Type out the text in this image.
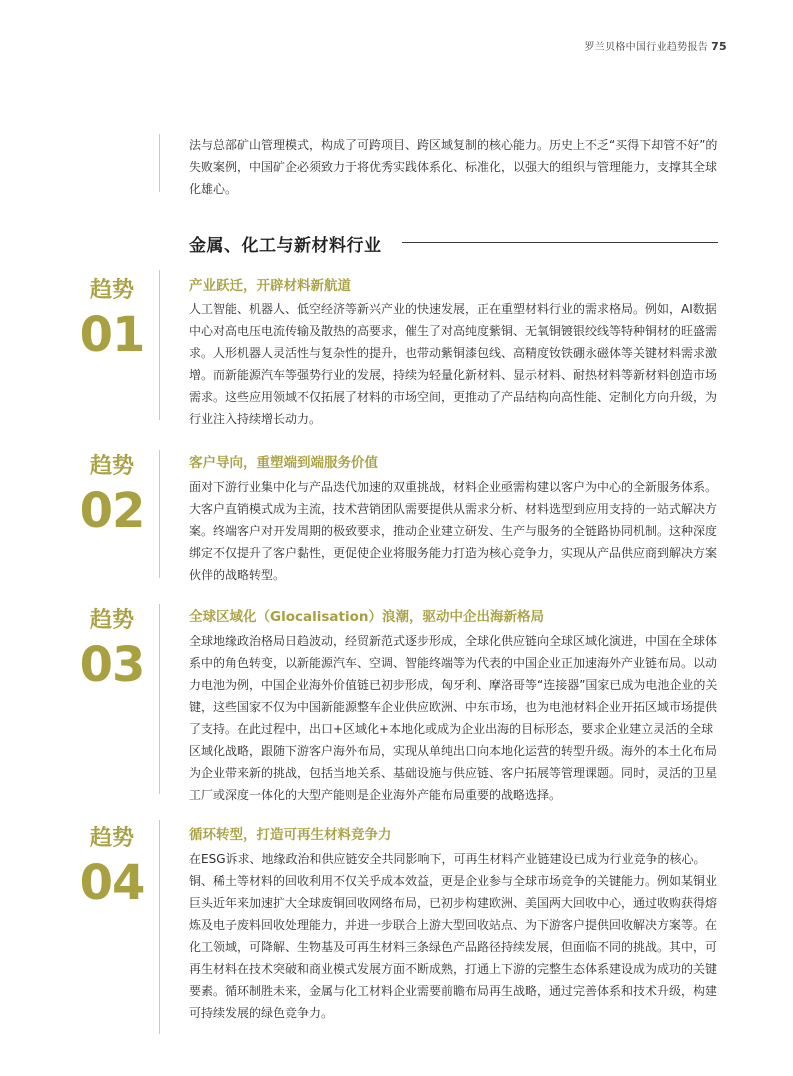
罗兰贝格中国行业趋势报告 75
法与总部矿山管理模式，构成了可跨项目、跨区域复制的核心能力。历史上不乏“买得下却管不好”的失败案例，中国矿企必须致力于将优秀实践体系化、标准化，以强大的组织与管理能力，支撑其全球化雄心。
金属、化工与新材料行业
趋势
01
产业跃迁，开辟材料新航道
人工智能、机器人、低空经济等新兴产业的快速发展，正在重塑材料行业的需求格局。例如，AI数据中心对高电压电流传输及散热的高要求，催生了对高纯度紫铜、无氧铜镀银绞线等特种铜材的旺盛需求。人形机器人灵活性与复杂性的提升，也带动紫铜漆包线、高精度钕铁硼永磁体等关键材料需求激增。而新能源汽车等强势行业的发展，持续为轻量化新材料、显示材料、耐热材料等新材料创造市场需求。这些应用领域不仅拓展了材料的市场空间，更推动了产品结构向高性能、定制化方向升级，为行业注入持续增长动力。
趋势
02
客户导向，重塑端到端服务价值
面对下游行业集中化与产品迭代加速的双重挑战，材料企业亟需构建以客户为中心的全新服务体系。大客户直销模式成为主流，技术营销团队需要提供从需求分析、材料选型到应用支持的一站式解决方案。终端客户对开发周期的极致要求，推动企业建立研发、生产与服务的全链路协同机制。这种深度绑定不仅提升了客户黏性，更促使企业将服务能力打造为核心竞争力，实现从产品供应商到解决方案伙伴的战略转型。
趋势
03
全球区域化（Glocalisation）浪潮，驱动中企出海新格局
全球地缘政治格局日趋波动，经贸新范式逐步形成，全球化供应链向全球区域化演进，中国在全球体系中的角色转变，以新能源汽车、空调、智能终端等为代表的中国企业正加速海外产业链布局。以动力电池为例，中国企业海外价值链已初步形成，匈牙利、摩洛哥等“连接器”国家已成为电池企业的关键，这些国家不仅为中国新能源整车企业供应欧洲、中东市场，也为电池材料企业开拓区域市场提供了支持。在此过程中，出口+区域化+本地化或成为企业出海的目标形态，要求企业建立灵活的全球区域化战略，跟随下游客户海外布局，实现从单纯出口向本地化运营的转型升级。海外的本土化布局为企业带来新的挑战，包括当地关系、基础设施与供应链、客户拓展等管理课题。同时，灵活的卫星工厂或深度一体化的大型产能则是企业海外产能布局重要的战略选择。
趋势
04
循环转型，打造可再生材料竞争力
在ESG诉求、地缘政治和供应链安全共同影响下，可再生材料产业链建设已成为行业竞争的核心。铜、稀土等材料的回收利用不仅关乎成本效益，更是企业参与全球市场竞争的关键能力。例如某铜业巨头近年来加速扩大全球废铜回收网络布局，已初步构建欧洲、美国两大回收中心，通过收购获得熔炼及电子废料回收处理能力，并进一步联合上游大型回收站点、为下游客户提供回收解决方案等。在化工领域，可降解、生物基及可再生材料三条绿色产品路径持续发展，但面临不同的挑战。其中，可再生材料在技术突破和商业模式发展方面不断成熟，打通上下游的完整生态体系建设成为成功的关键要素。循环制胜未来，金属与化工材料企业需要前瞻布局再生战略，通过完善体系和技术升级，构建可持续发展的绿色竞争力。
